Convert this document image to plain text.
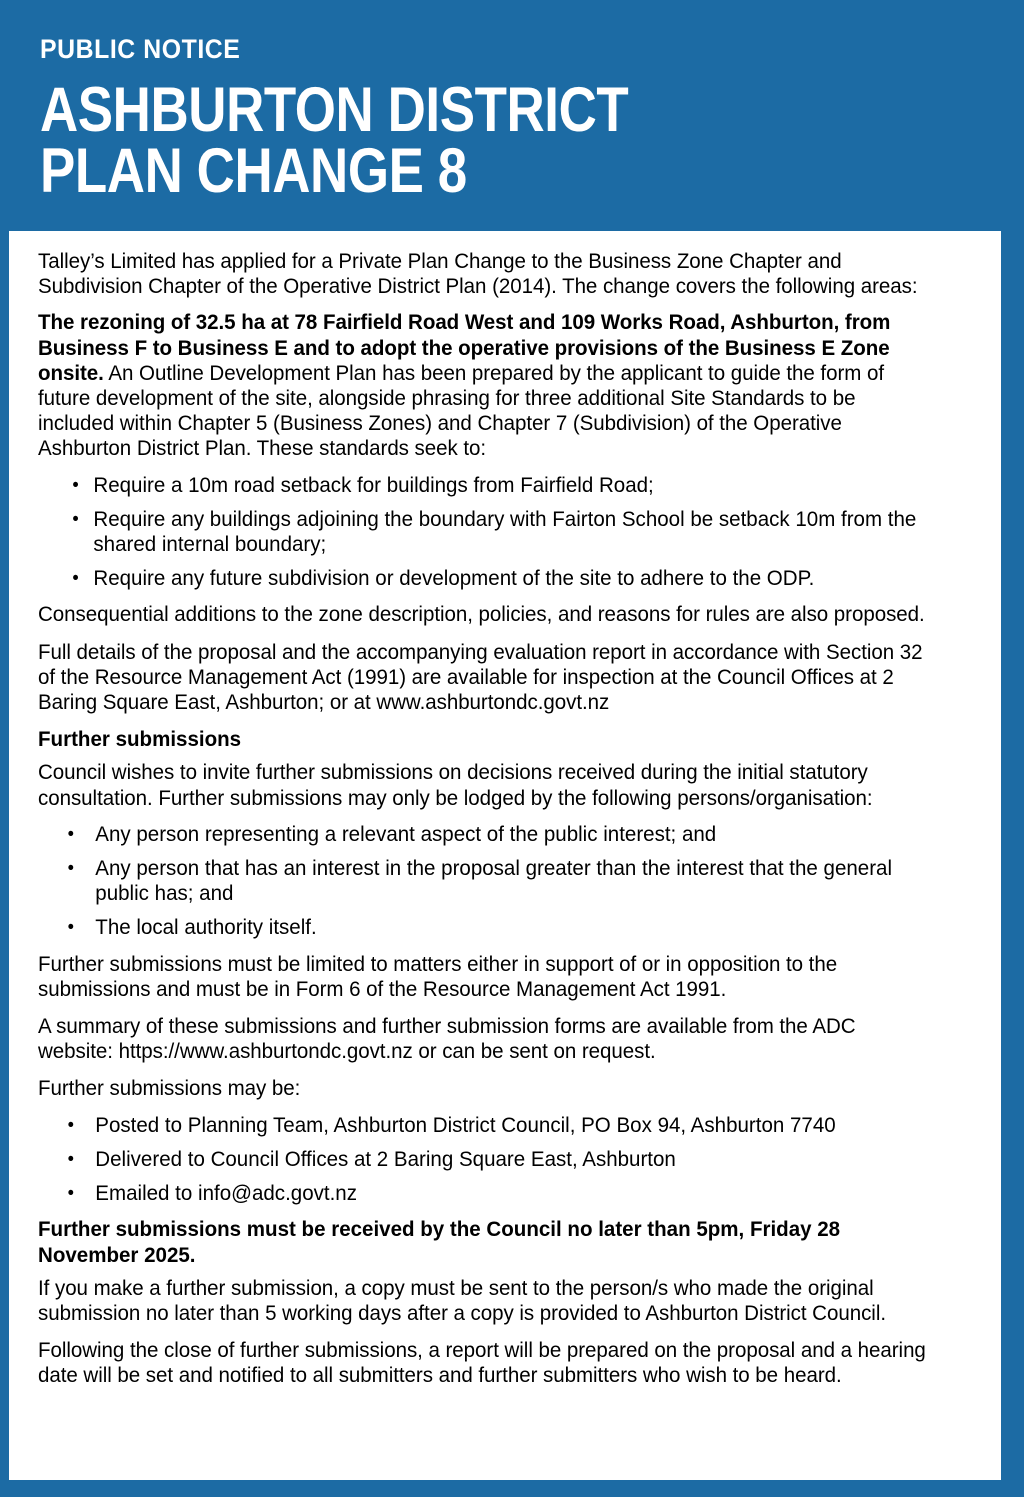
PUBLIC NOTICE
ASHBURTON DISTRICT
PLAN CHANGE 8

Talley’s Limited has applied for a Private Plan Change to the Business Zone Chapter and Subdivision Chapter of the Operative District Plan (2014). The change covers the following areas:

The rezoning of 32.5 ha at 78 Fairfield Road West and 109 Works Road, Ashburton, from Business F to Business E and to adopt the operative provisions of the Business E Zone onsite. An Outline Development Plan has been prepared by the applicant to guide the form of future development of the site, alongside phrasing for three additional Site Standards to be included within Chapter 5 (Business Zones) and Chapter 7 (Subdivision) of the Operative Ashburton District Plan. These standards seek to:

• Require a 10m road setback for buildings from Fairfield Road;
• Require any buildings adjoining the boundary with Fairton School be setback 10m from the shared internal boundary;
• Require any future subdivision or development of the site to adhere to the ODP.

Consequential additions to the zone description, policies, and reasons for rules are also proposed.

Full details of the proposal and the accompanying evaluation report in accordance with Section 32 of the Resource Management Act (1991) are available for inspection at the Council Offices at 2 Baring Square East, Ashburton; or at www.ashburtondc.govt.nz

Further submissions

Council wishes to invite further submissions on decisions received during the initial statutory consultation. Further submissions may only be lodged by the following persons/organisation:

• Any person representing a relevant aspect of the public interest; and
• Any person that has an interest in the proposal greater than the interest that the general public has; and
• The local authority itself.

Further submissions must be limited to matters either in support of or in opposition to the submissions and must be in Form 6 of the Resource Management Act 1991.

A summary of these submissions and further submission forms are available from the ADC website: https://www.ashburtondc.govt.nz or can be sent on request.

Further submissions may be:

• Posted to Planning Team, Ashburton District Council, PO Box 94, Ashburton 7740
• Delivered to Council Offices at 2 Baring Square East, Ashburton
• Emailed to info@adc.govt.nz

Further submissions must be received by the Council no later than 5pm, Friday 28 November 2025.

If you make a further submission, a copy must be sent to the person/s who made the original submission no later than 5 working days after a copy is provided to Ashburton District Council.

Following the close of further submissions, a report will be prepared on the proposal and a hearing date will be set and notified to all submitters and further submitters who wish to be heard.
